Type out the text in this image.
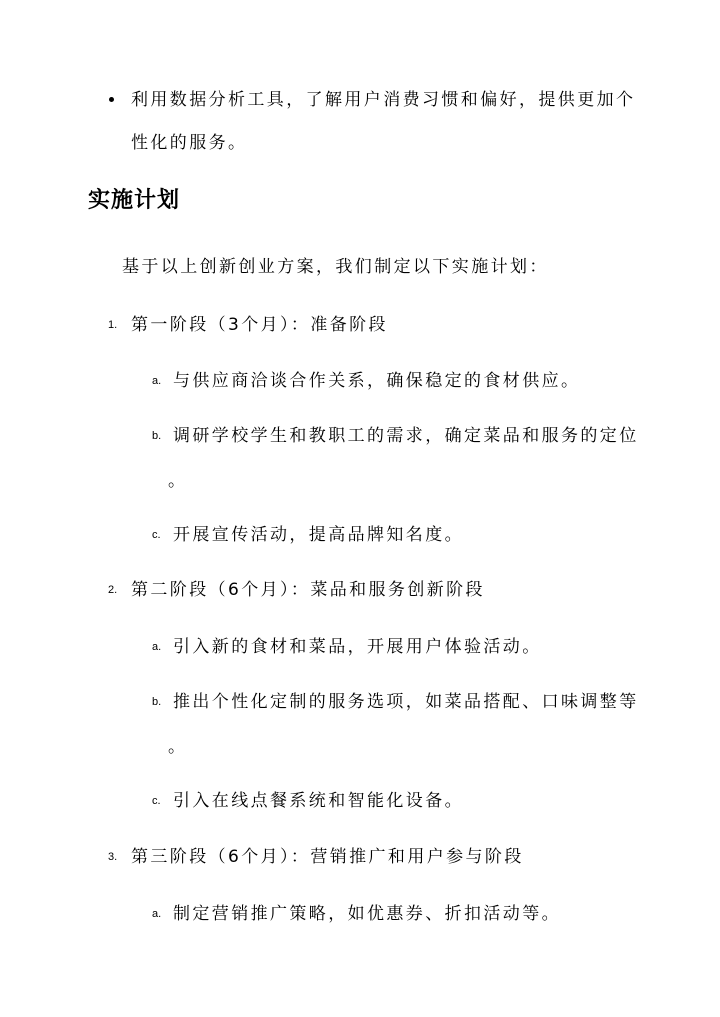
利用数据分析工具，了解用户消费习惯和偏好，提供更加个
性化的服务。
实施计划
基于以上创新创业方案，我们制定以下实施计划：
1. 第一阶段（3个月）：准备阶段
a. 与供应商洽谈合作关系，确保稳定的食材供应。
b. 调研学校学生和教职工的需求，确定菜品和服务的定位
。
c. 开展宣传活动，提高品牌知名度。
2. 第二阶段（6个月）：菜品和服务创新阶段
a. 引入新的食材和菜品，开展用户体验活动。
b. 推出个性化定制的服务选项，如菜品搭配、口味调整等
。
c. 引入在线点餐系统和智能化设备。
3. 第三阶段（6个月）：营销推广和用户参与阶段
a. 制定营销推广策略，如优惠券、折扣活动等。
